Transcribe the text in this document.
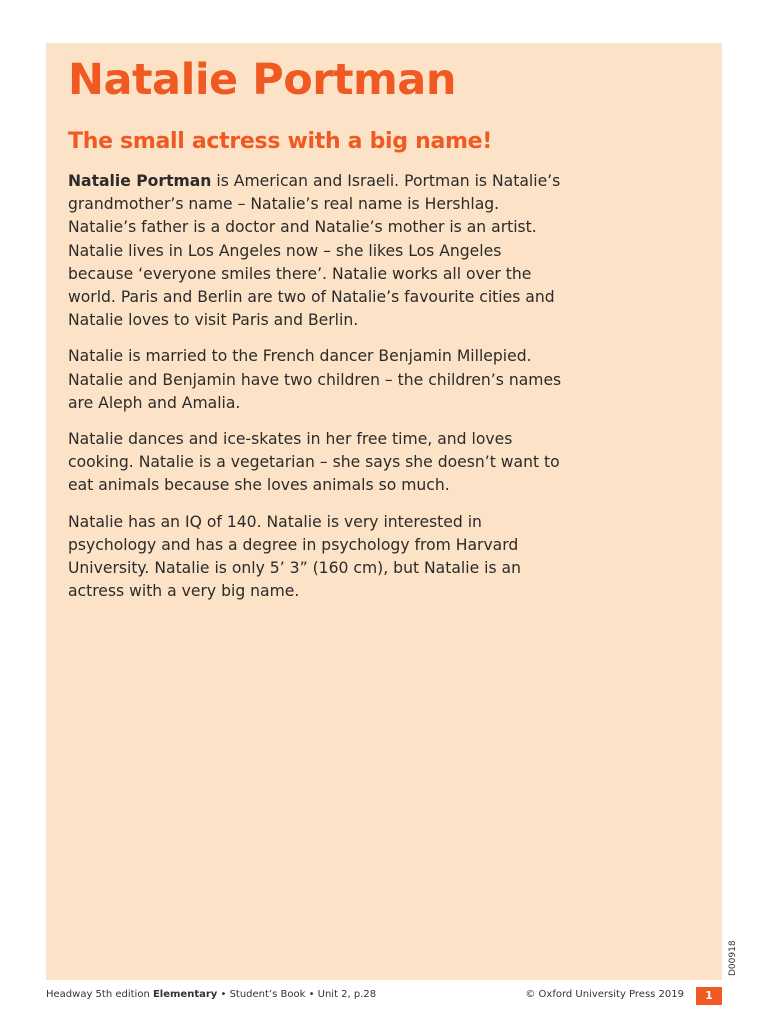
Natalie Portman
The small actress with a big name!

Natalie Portman is American and Israeli. Portman is Natalie’s grandmother’s name – Natalie’s real name is Hershlag. Natalie’s father is a doctor and Natalie’s mother is an artist. Natalie lives in Los Angeles now – she likes Los Angeles because ‘everyone smiles there’. Natalie works all over the world. Paris and Berlin are two of Natalie’s favourite cities and Natalie loves to visit Paris and Berlin.

Natalie is married to the French dancer Benjamin Millepied. Natalie and Benjamin have two children – the children’s names are Aleph and Amalia.

Natalie dances and ice-skates in her free time, and loves cooking. Natalie is a vegetarian – she says she doesn’t want to eat animals because she loves animals so much.

Natalie has an IQ of 140. Natalie is very interested in psychology and has a degree in psychology from Harvard University. Natalie is only 5’ 3” (160 cm), but Natalie is an actress with a very big name.

D00918
Headway 5th edition Elementary • Student’s Book • Unit 2, p.28	© Oxford University Press 2019	1
